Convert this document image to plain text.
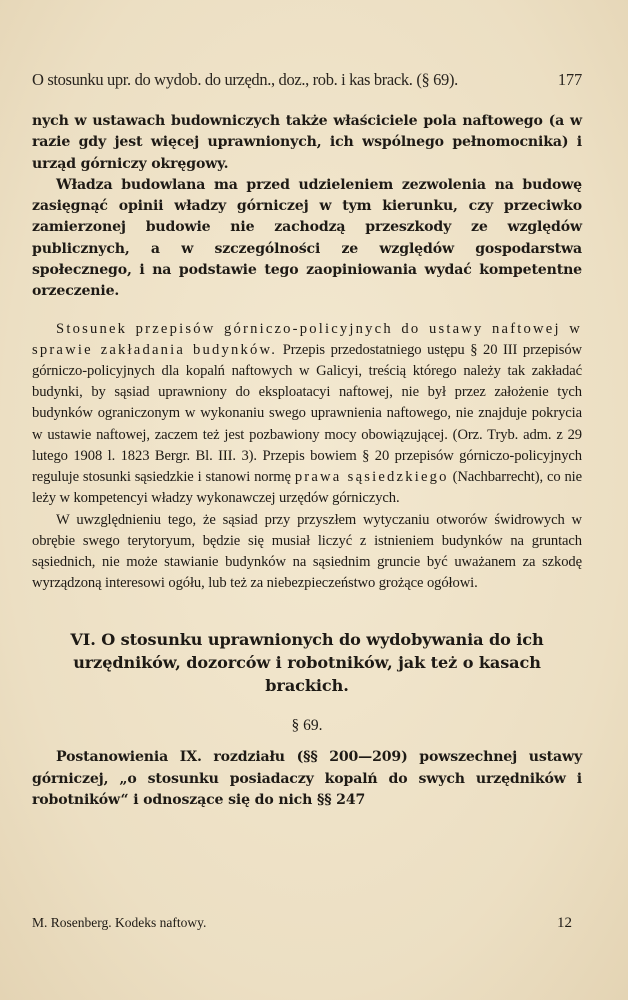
O stosunku upr. do wydob. do urzędn., doz., rob. i kas brack. (§ 69).	177

nych w ustawach budowniczych także właściciele pola naftowego (a w razie gdy jest więcej uprawnionych, ich wspólnego pełnomocnika) i urząd górniczy okręgowy.

Władza budowlana ma przed udzieleniem zezwolenia na budowę zasięgnąć opinii władzy górniczej w tym kierunku, czy przeciwko zamierzonej budowie nie zachodzą przeszkody ze względów publicznych, a w szczególności ze względów gospodarstwa społecznego, i na podstawie tego zaopiniowania wydać kompetentne orzeczenie.

Stosunek przepisów górniczo-policyjnych do ustawy naftowej w sprawie zakładania budynków. Przepis przedostatniego ustępu § 20 III przepisów górniczo-policyjnych dla kopalń naftowych w Galicyi, treścią którego należy tak zakładać budynki, by sąsiad uprawniony do eksploatacyi naftowej, nie był przez założenie tych budynków ograniczonym w wykonaniu swego uprawnienia naftowego, nie znajduje pokrycia w ustawie naftowej, zaczem też jest pozbawiony mocy obowiązującej. (Orz. Tryb. adm. z 29 lutego 1908 l. 1823 Bergr. Bl. III. 3). Przepis bowiem § 20 przepisów górniczo-policyjnych reguluje stosunki sąsiedzkie i stanowi normę prawa sąsiedzkiego (Nachbarrecht), co nie leży w kompetencyi władzy wykonawczej urzędów górniczych.

W uwzględnieniu tego, że sąsiad przy przyszłem wytyczaniu otworów świdrowych w obrębie swego terytoryum, będzie się musiał liczyć z istnieniem budynków na gruntach sąsiednich, nie może stawianie budynków na sąsiednim gruncie być uważanem za szkodę wyrządzoną interesowi ogółu, lub też za niebezpieczeństwo grożące ogółowi.

VI. O stosunku uprawnionych do wydobywania do ich urzędników, dozorców i robotników, jak też o kasach brackich.
§ 69.

Postanowienia IX. rozdziału (§§ 200—209) powszechnej ustawy górniczej, „o stosunku posiadaczy kopalń do swych urzędników i robotników“ i odnoszące się do nich §§ 247

M. Rosenberg. Kodeks naftowy.	12
